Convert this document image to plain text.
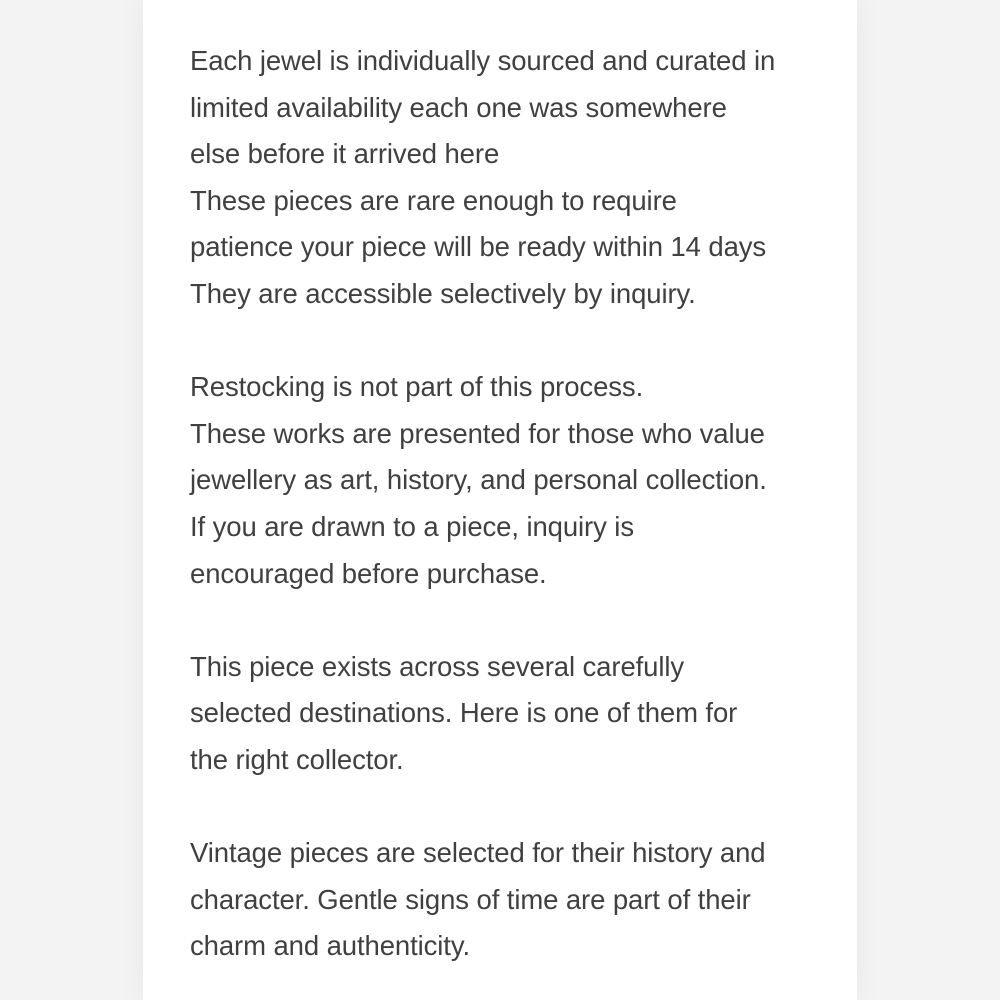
Each jewel is individually sourced and curated in
limited availability each one was somewhere
else before it arrived here
These pieces are rare enough to require
patience your piece will be ready within 14 days
They are accessible selectively by inquiry.

Restocking is not part of this process.
These works are presented for those who value
jewellery as art, history, and personal collection.
If you are drawn to a piece, inquiry is
encouraged before purchase.

This piece exists across several carefully
selected destinations. Here is one of them for
the right collector.

Vintage pieces are selected for their history and
character. Gentle signs of time are part of their
charm and authenticity.
